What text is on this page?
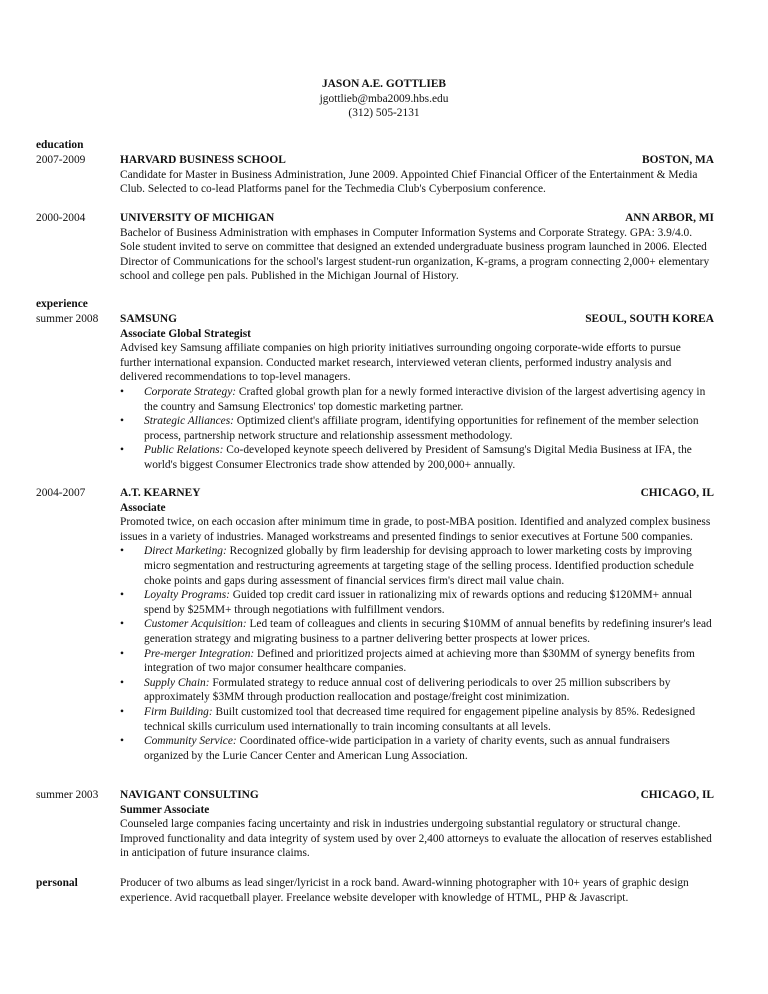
JASON A.E. GOTTLIEB
jgottlieb@mba2009.hbs.edu
(312) 505-2131
education
2007-2009	HARVARD BUSINESS SCHOOL	BOSTON, MA

Candidate for Master in Business Administration, June 2009. Appointed Chief Financial Officer of the Entertainment & Media Club. Selected to co-lead Platforms panel for the Techmedia Club's Cyberposium conference.

2000-2004	UNIVERSITY OF MICHIGAN	ANN ARBOR, MI

Bachelor of Business Administration with emphases in Computer Information Systems and Corporate Strategy. GPA: 3.9/4.0. Sole student invited to serve on committee that designed an extended undergraduate business program launched in 2006. Elected Director of Communications for the school's largest student-run organization, K-grams, a program connecting 2,000+ elementary school and college pen pals. Published in the Michigan Journal of History.

experience
summer 2008 SAMSUNG	SEOUL, SOUTH KOREA
Associate Global Strategist

Advised key Samsung affiliate companies on high priority initiatives surrounding ongoing corporate-wide efforts to pursue further international expansion. Conducted market research, interviewed veteran clients, performed industry analysis and delivered recommendations to top-level managers.

• Corporate Strategy: Crafted global growth plan for a newly formed interactive division of the largest advertising agency in the country and Samsung Electronics' top domestic marketing partner.
• Strategic Alliances: Optimized client's affiliate program, identifying opportunities for refinement of the member selection process, partnership network structure and relationship assessment methodology.
• Public Relations: Co-developed keynote speech delivered by President of Samsung's Digital Media Business at IFA, the world's biggest Consumer Electronics trade show attended by 200,000+ annually.
2004-2007	A.T. KEARNEY	CHICAGO, IL
Associate

Promoted twice, on each occasion after minimum time in grade, to post-MBA position. Identified and analyzed complex business issues in a variety of industries. Managed workstreams and presented findings to senior executives at Fortune 500 companies.

• Direct Marketing: Recognized globally by firm leadership for devising approach to lower marketing costs by improving micro segmentation and restructuring agreements at targeting stage of the selling process. Identified production schedule choke points and gaps during assessment of financial services firm's direct mail value chain.
• Loyalty Programs: Guided top credit card issuer in rationalizing mix of rewards options and reducing $120MM+ annual spend by $25MM+ through negotiations with fulfillment vendors.
• Customer Acquisition: Led team of colleagues and clients in securing $10MM of annual benefits by redefining insurer's lead generation strategy and migrating business to a partner delivering better prospects at lower prices.
• Pre-merger Integration: Defined and prioritized projects aimed at achieving more than $30MM of synergy benefits from integration of two major consumer healthcare companies.
• Supply Chain: Formulated strategy to reduce annual cost of delivering periodicals to over 25 million subscribers by approximately $3MM through production reallocation and postage/freight cost minimization.
• Firm Building: Built customized tool that decreased time required for engagement pipeline analysis by 85%. Redesigned technical skills curriculum used internationally to train incoming consultants at all levels.
• Community Service: Coordinated office-wide participation in a variety of charity events, such as annual fundraisers organized by the Lurie Cancer Center and American Lung Association.
summer 2003 NAVIGANT CONSULTING	CHICAGO, IL
Summer Associate

Counseled large companies facing uncertainty and risk in industries undergoing substantial regulatory or structural change. Improved functionality and data integrity of system used by over 2,400 attorneys to evaluate the allocation of reserves established in anticipation of future insurance claims.

personal	Producer of two albums as lead singer/lyricist in a rock band. Award-winning photographer with 10+ years of graphic design experience. Avid racquetball player. Freelance website developer with knowledge of HTML, PHP & Javascript.
